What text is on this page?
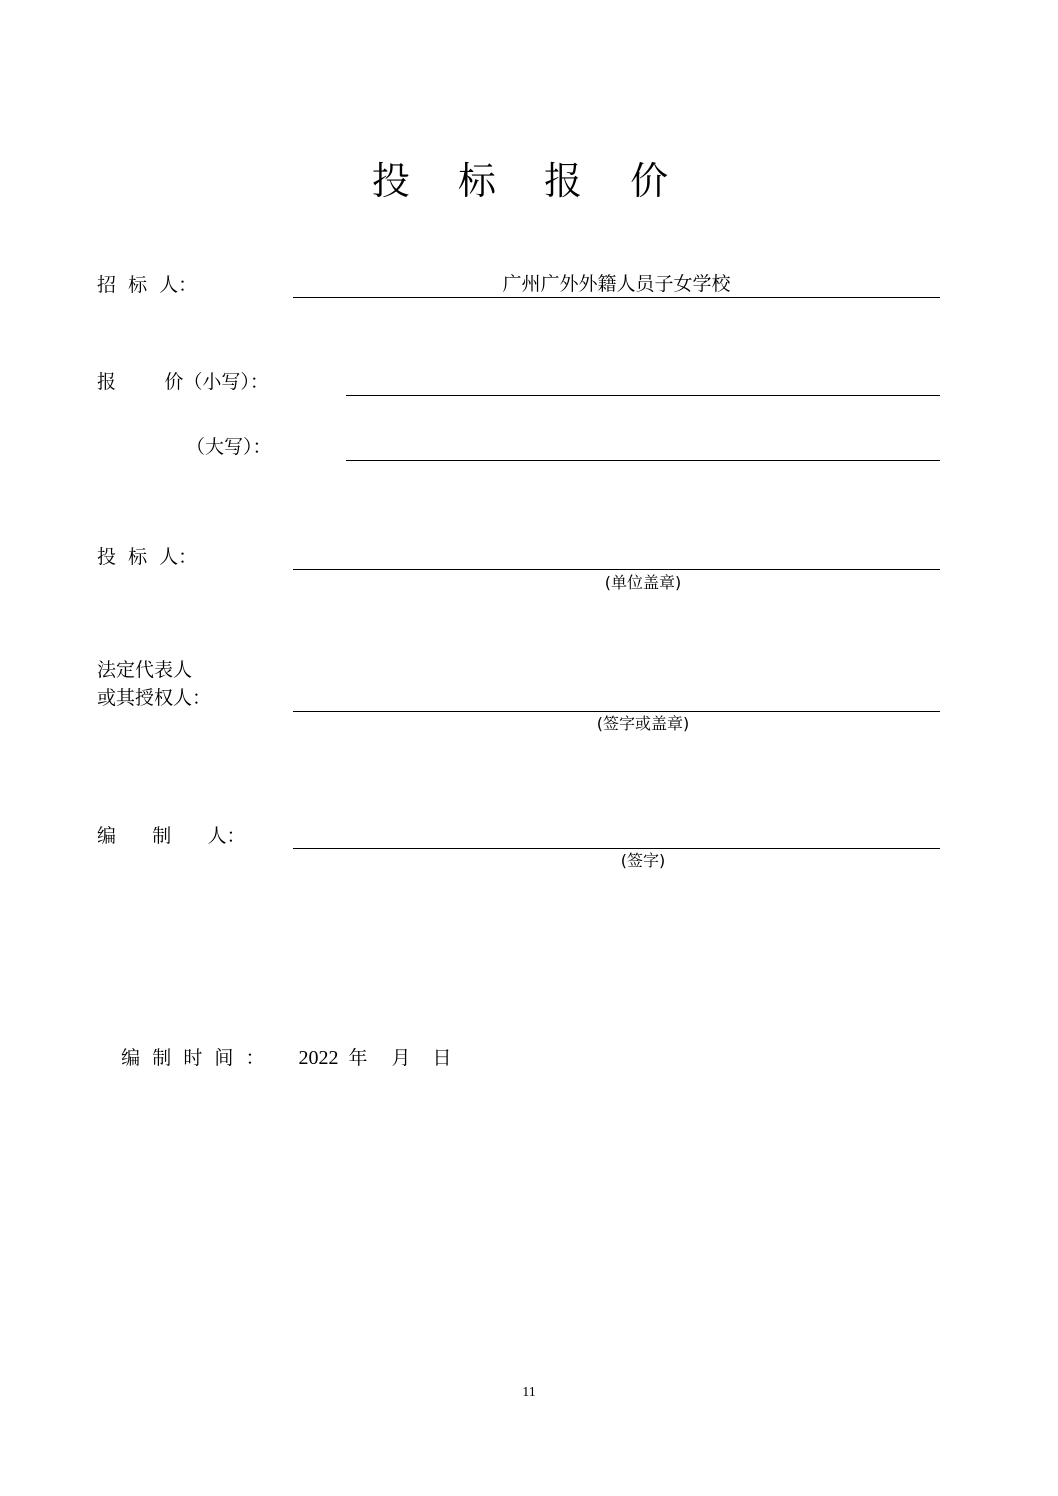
投 标 报 价
招  标  人：	广州广外外籍人员子女学校
报        价（小写）：
（大写）：
投  标  人：
(单位盖章)
法定代表人
或其授权人：
(签字或盖章)
编      制      人：
(签字)

编  制  时  间  ： 2022 年 月 日

11
